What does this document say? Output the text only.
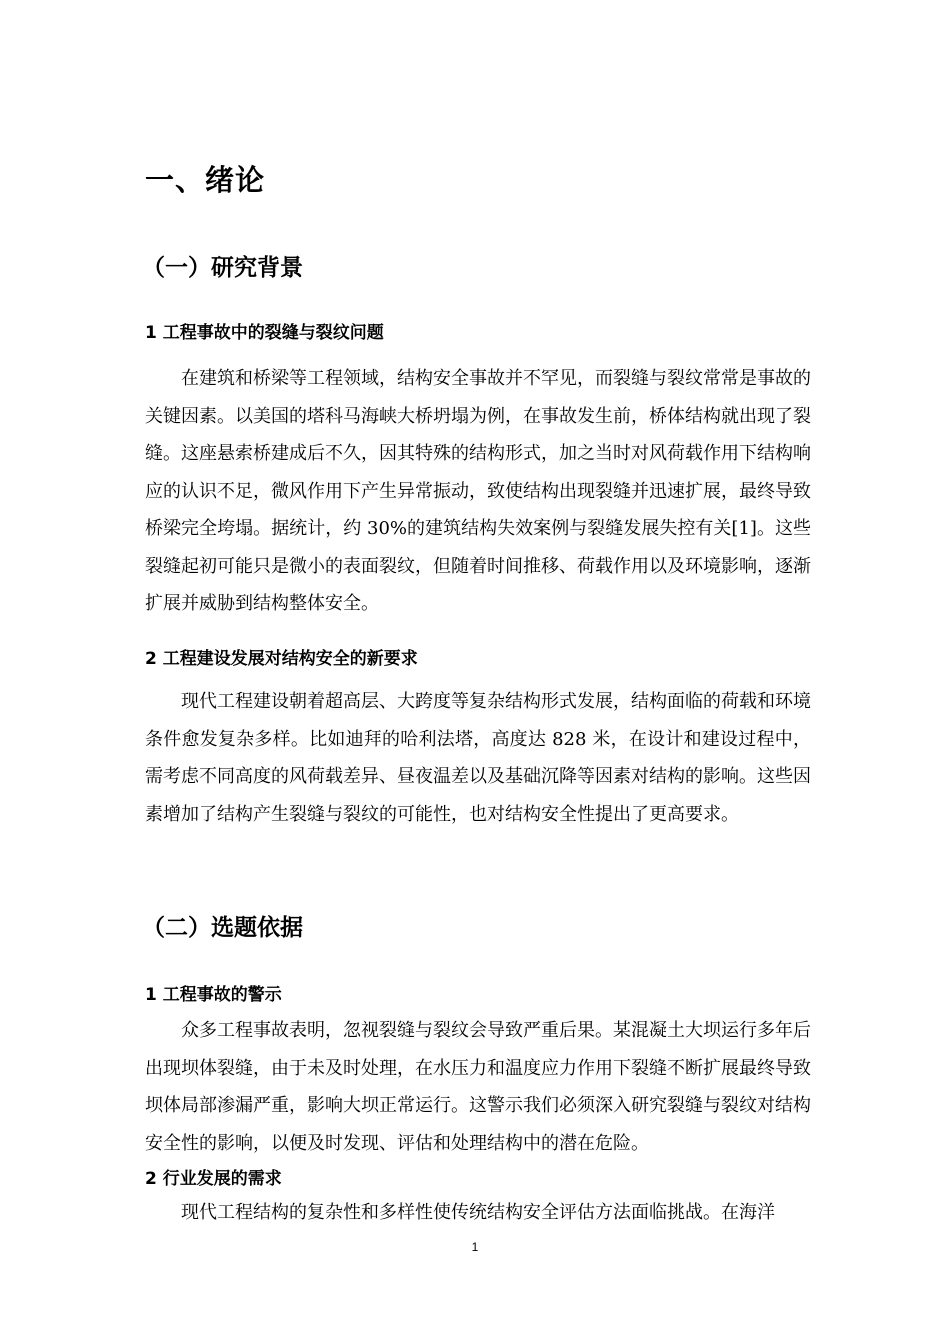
一、绪论
（一）研究背景
1 工程事故中的裂缝与裂纹问题

在建筑和桥梁等工程领域，结构安全事故并不罕见，而裂缝与裂纹常常是事故的关键因素。以美国的塔科马海峡大桥坍塌为例，在事故发生前，桥体结构就出现了裂缝。这座悬索桥建成后不久，因其特殊的结构形式，加之当时对风荷载作用下结构响应的认识不足，微风作用下产生异常振动，致使结构出现裂缝并迅速扩展，最终导致桥梁完全垮塌。据统计，约 30%的建筑结构失效案例与裂缝发展失控有关[1]。这些裂缝起初可能只是微小的表面裂纹，但随着时间推移、荷载作用以及环境影响，逐渐扩展并威胁到结构整体安全。

2 工程建设发展对结构安全的新要求

现代工程建设朝着超高层、大跨度等复杂结构形式发展，结构面临的荷载和环境条件愈发复杂多样。比如迪拜的哈利法塔，高度达 828 米，在设计和建设过程中，需考虑不同高度的风荷载差异、昼夜温差以及基础沉降等因素对结构的影响。这些因素增加了结构产生裂缝与裂纹的可能性，也对结构安全性提出了更高要求。

（二）选题依据
1 工程事故的警示

众多工程事故表明，忽视裂缝与裂纹会导致严重后果。某混凝土大坝运行多年后出现坝体裂缝，由于未及时处理，在水压力和温度应力作用下裂缝不断扩展最终导致坝体局部渗漏严重，影响大坝正常运行。这警示我们必须深入研究裂缝与裂纹对结构安全性的影响，以便及时发现、评估和处理结构中的潜在危险。

2 行业发展的需求

现代工程结构的复杂性和多样性使传统结构安全评估方法面临挑战。在海洋

1
